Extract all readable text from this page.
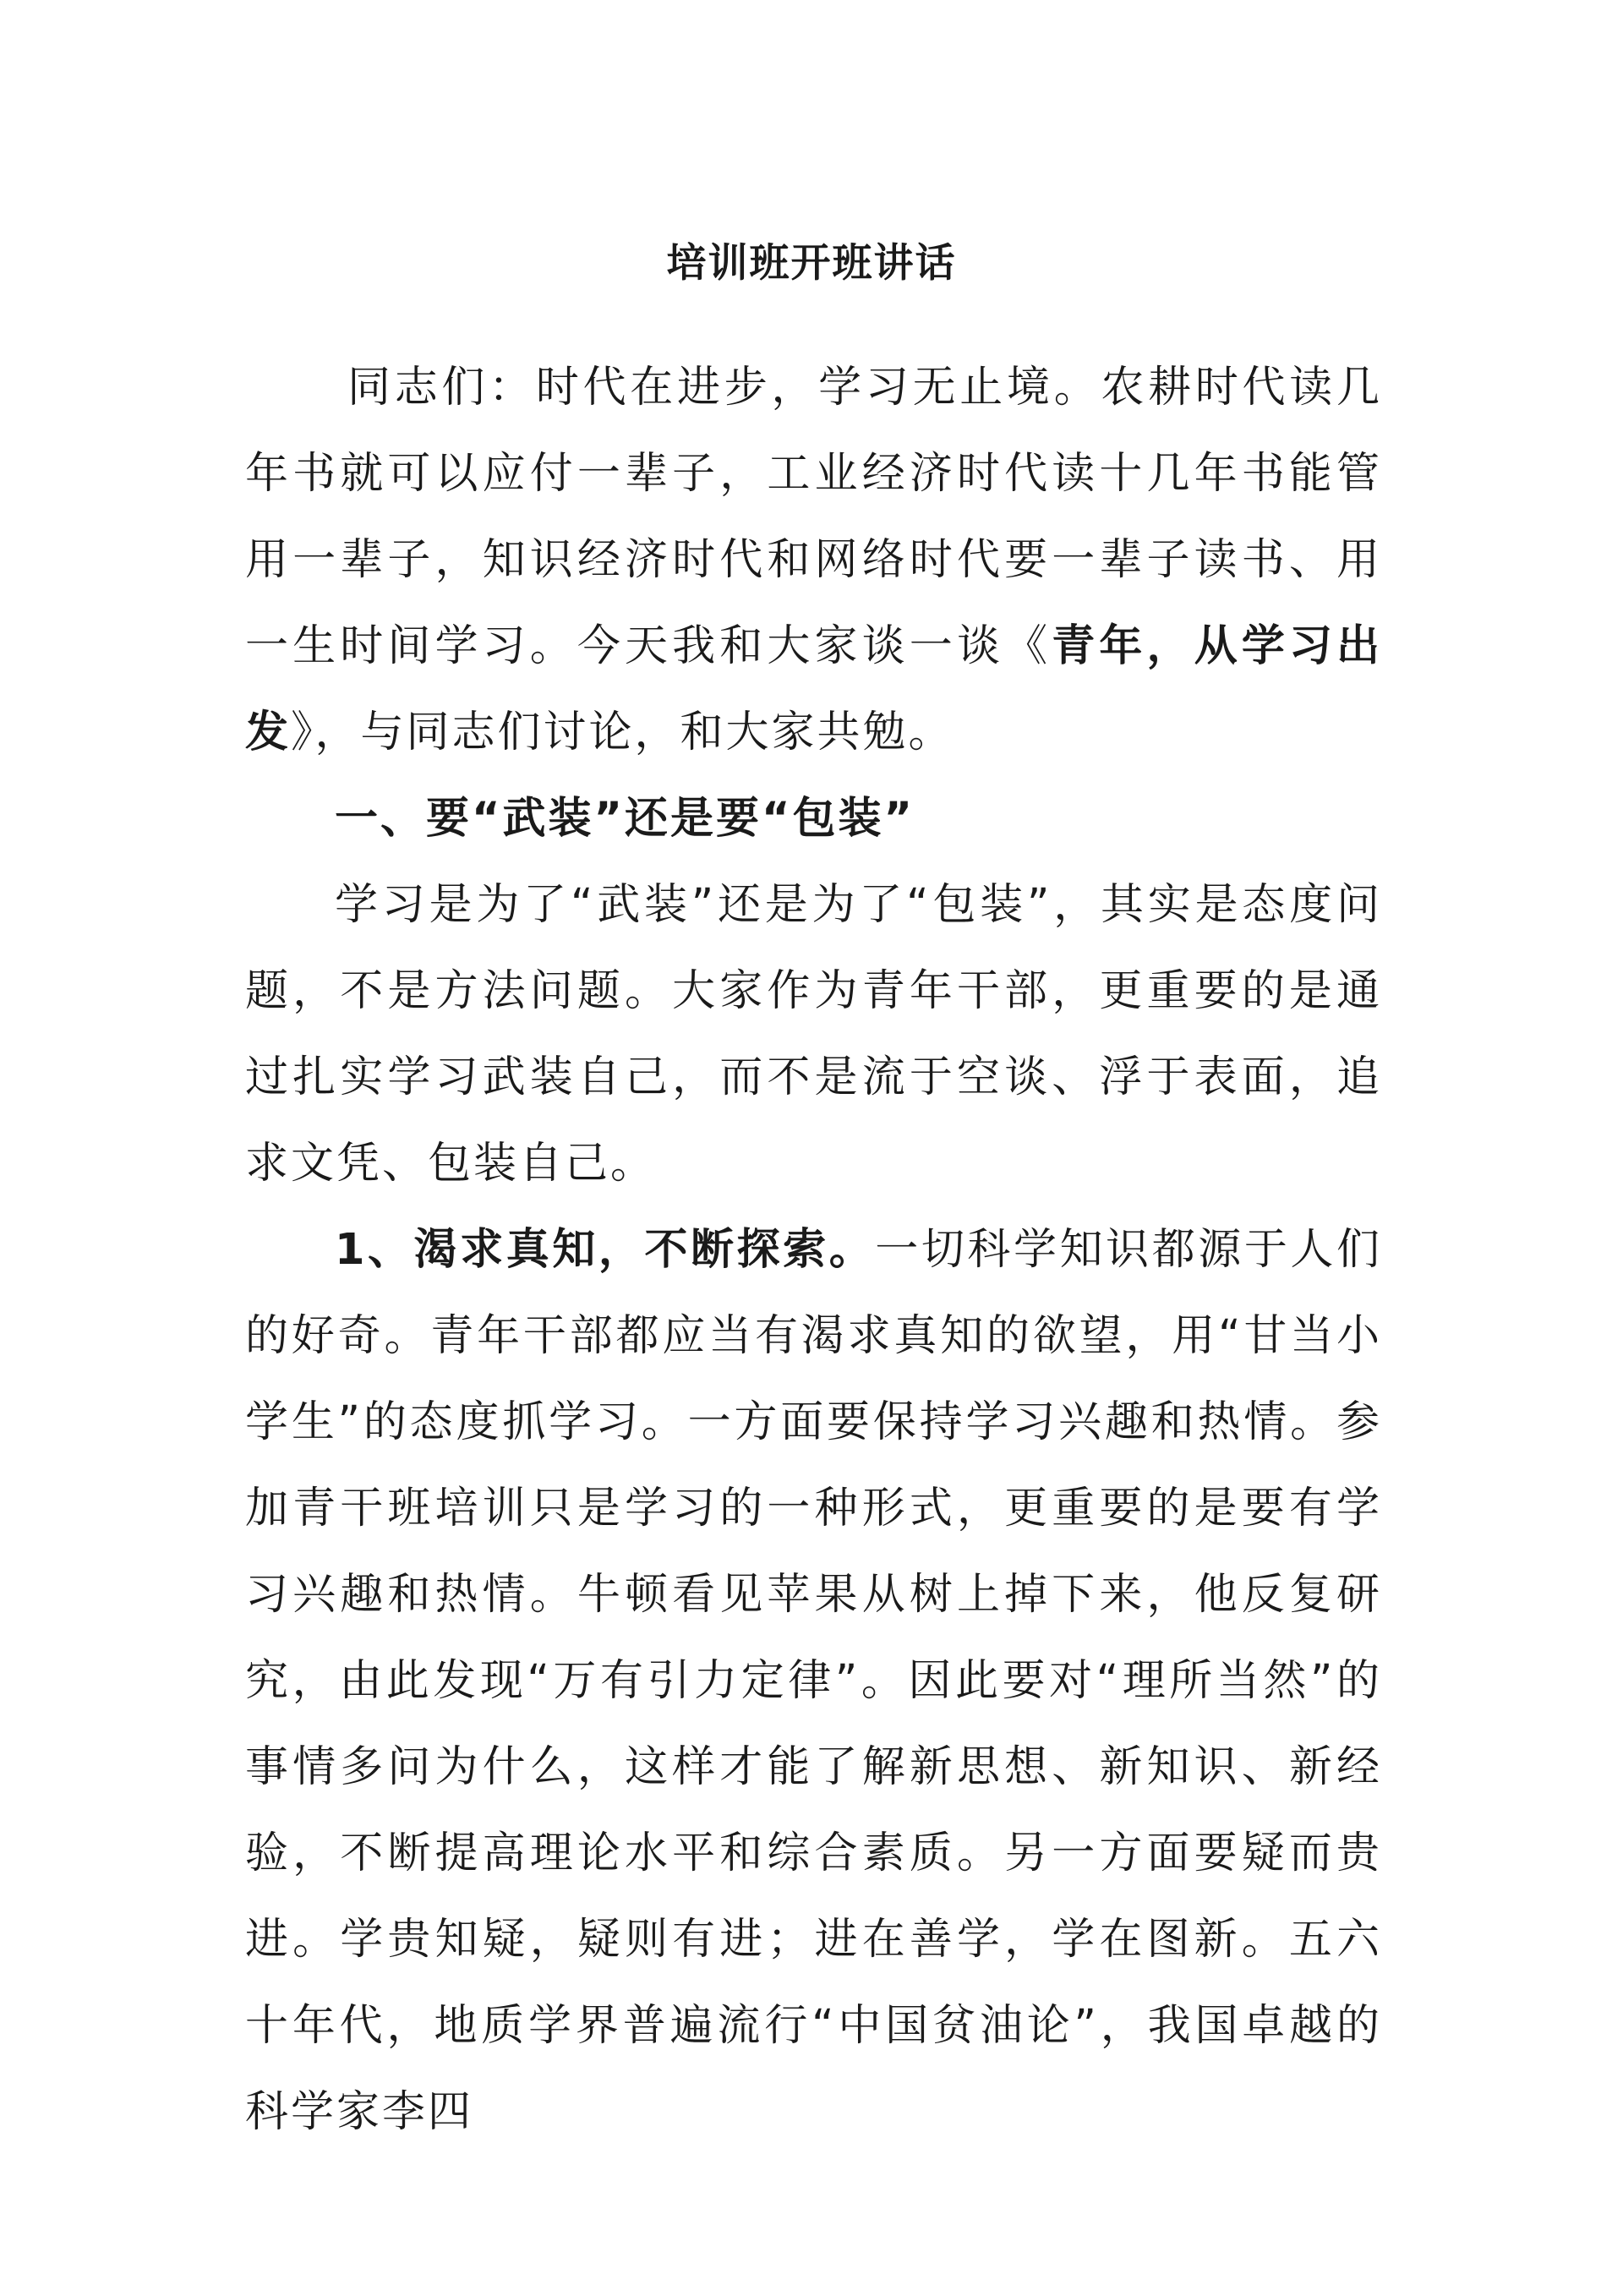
培训班开班讲话

同志们：时代在进步，学习无止境。农耕时代读几年书就可以应付一辈子，工业经济时代读十几年书能管用一辈子，知识经济时代和网络时代要一辈子读书、用一生时间学习。今天我和大家谈一谈《青年，从学习出发》，与同志们讨论，和大家共勉。

一、要“武装”还是要“包装”

学习是为了“武装”还是为了“包装”，其实是态度问题，不是方法问题。大家作为青年干部，更重要的是通过扎实学习武装自己，而不是流于空谈、浮于表面，追求文凭、包装自己。

1、渴求真知，不断探索。一切科学知识都源于人们的好奇。青年干部都应当有渴求真知的欲望，用“甘当小学生”的态度抓学习。一方面要保持学习兴趣和热情。参加青干班培训只是学习的一种形式，更重要的是要有学习兴趣和热情。牛顿看见苹果从树上掉下来，他反复研究，由此发现“万有引力定律”。因此要对“理所当然”的事情多问为什么，这样才能了解新思想、新知识、新经验，不断提高理论水平和综合素质。另一方面要疑而贵进。学贵知疑，疑则有进；进在善学，学在图新。五六十年代，地质学界普遍流行“中国贫油论”，我国卓越的科学家李四
